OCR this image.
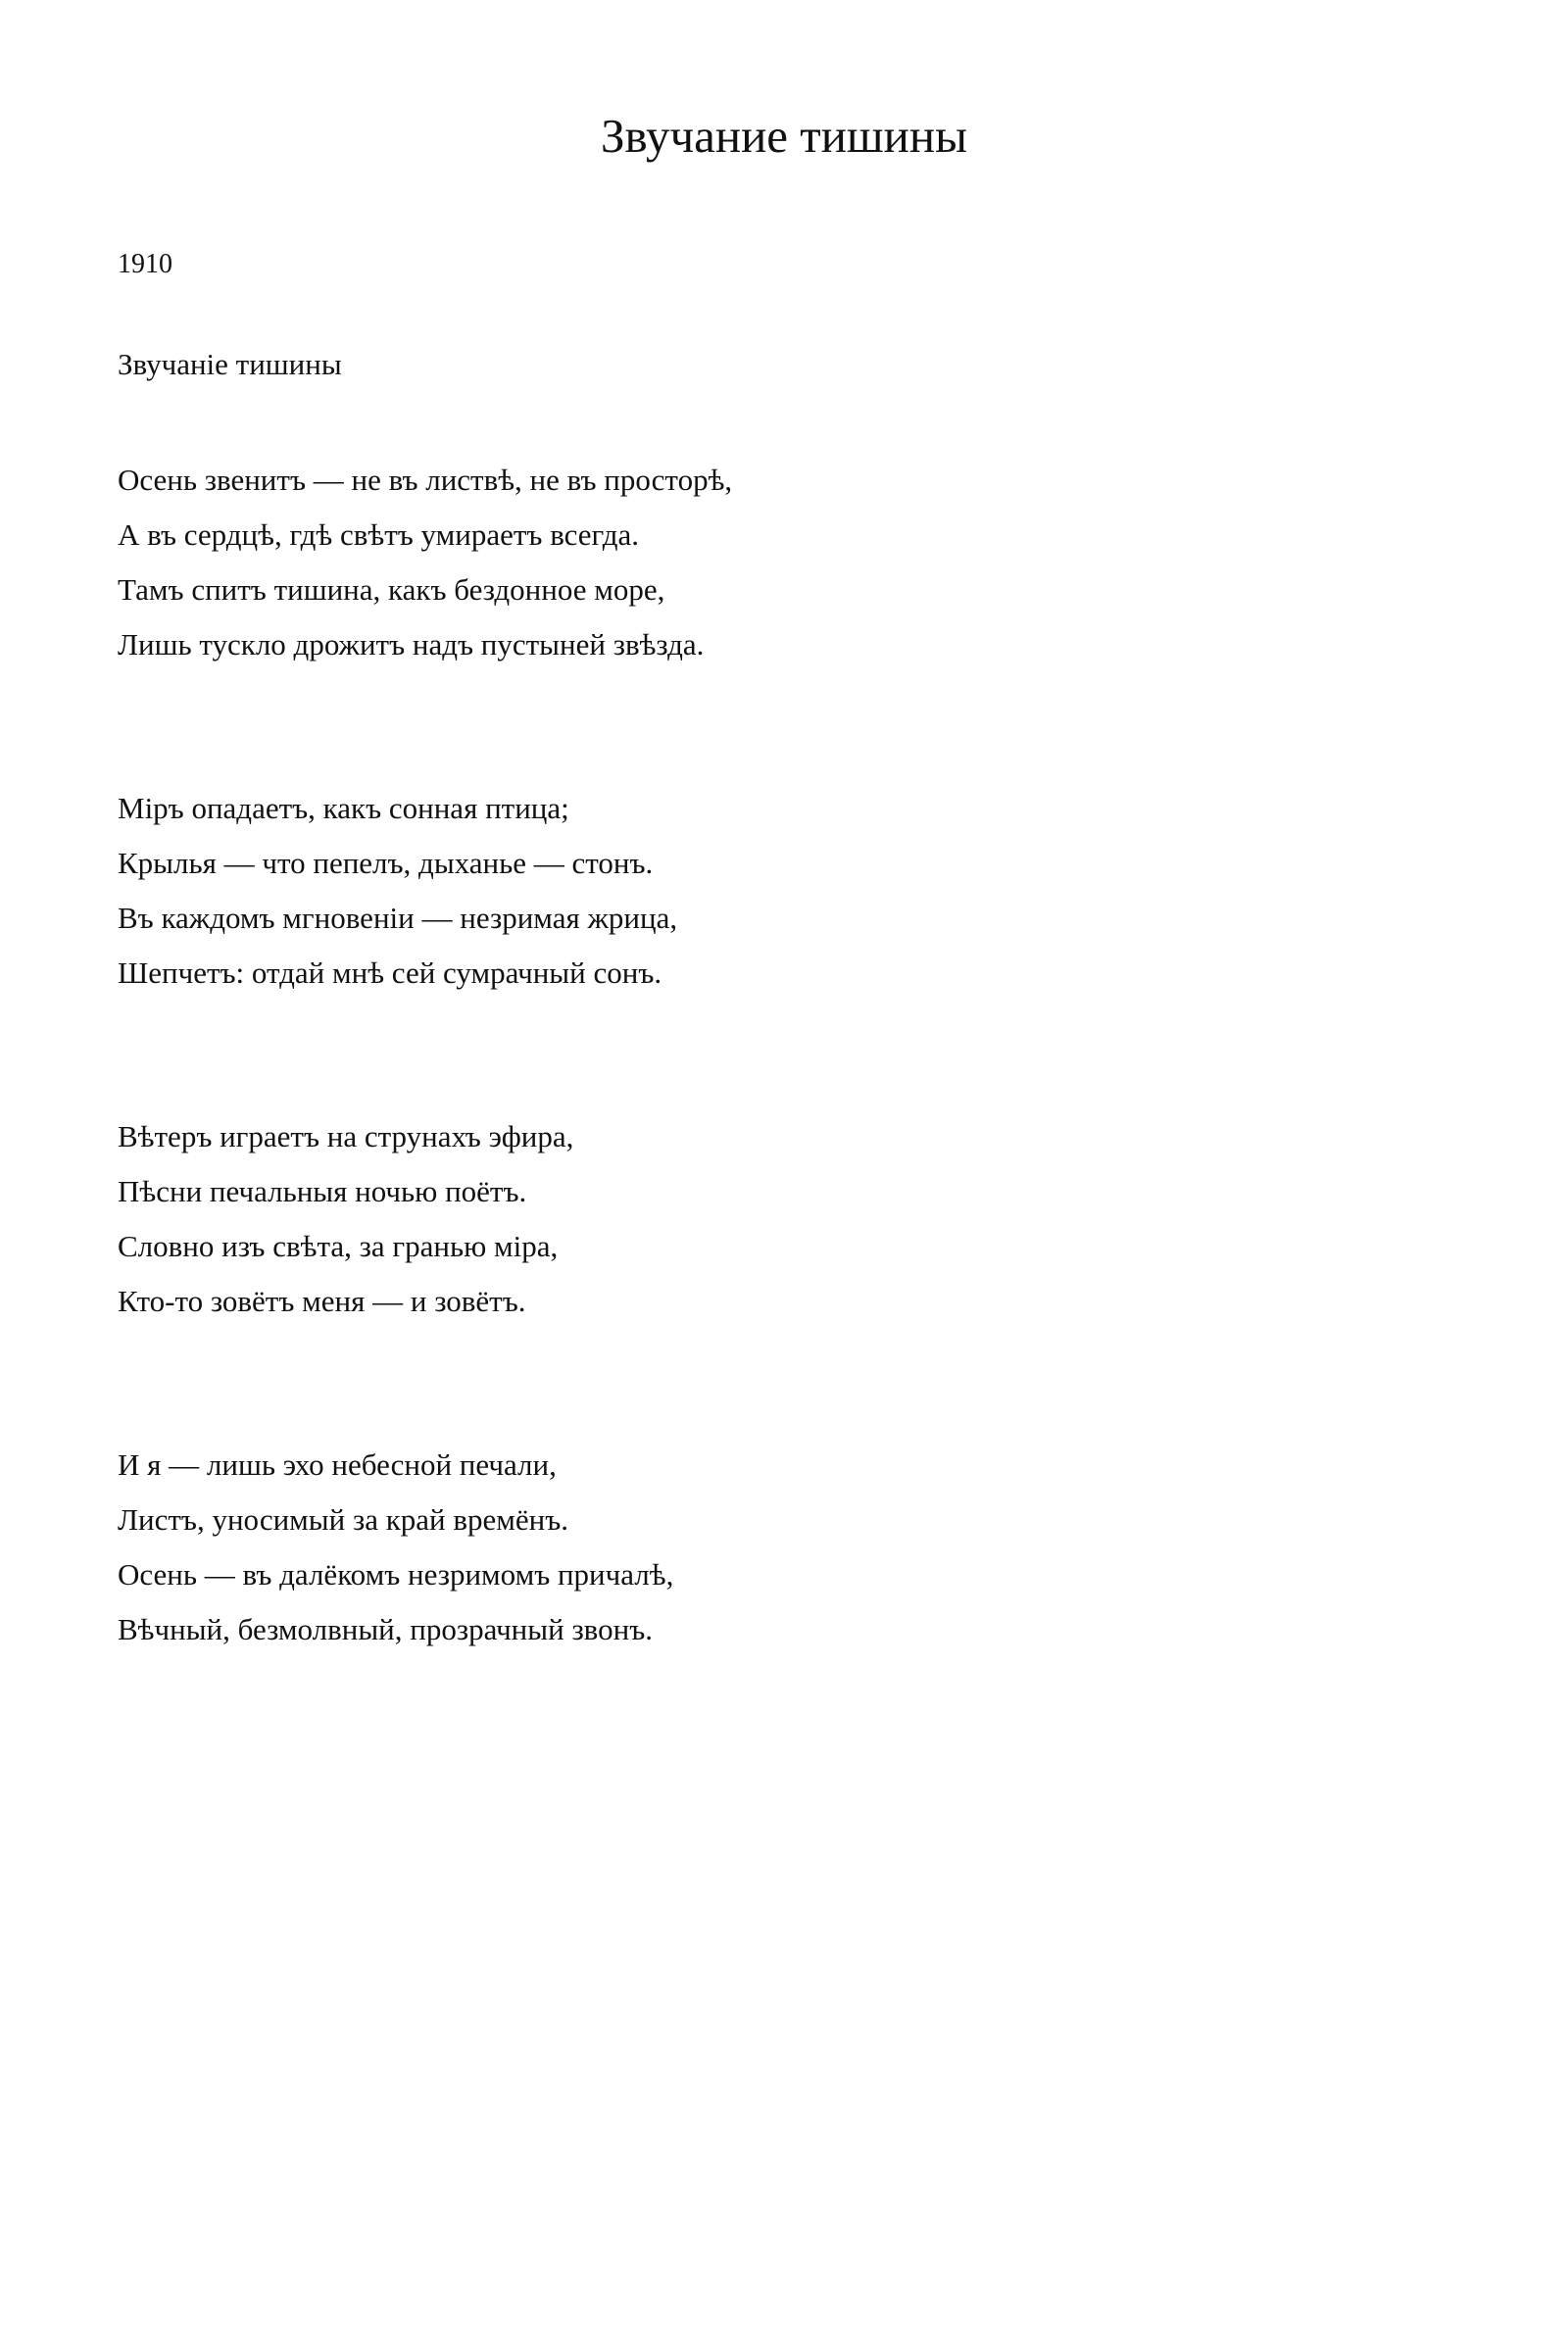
Звучание тишины
1910
Звучанiе тишины
Осень звенитъ — не въ листвѣ, не въ просторѣ,
А въ сердцѣ, гдѣ свѣтъ умираетъ всегда.
Тамъ спитъ тишина, какъ бездонное море,
Лишь тускло дрожитъ надъ пустыней звѣзда.
Мiръ опадаетъ, какъ сонная птица;
Крылья — что пепелъ, дыханье — стонъ.
Въ каждомъ мгновенiи — незримая жрица,
Шепчетъ: отдай мнѣ сей сумрачный сонъ.
Вѣтеръ играетъ на струнахъ эфира,
Пѣсни печальныя ночью поётъ.
Словно изъ свѣта, за гранью мiра,
Кто-то зовётъ меня — и зовётъ.
И я — лишь эхо небесной печали,
Листъ, уносимый за край времёнъ.
Осень — въ далёкомъ незримомъ причалѣ,
Вѣчный, безмолвный, прозрачный звонъ.
